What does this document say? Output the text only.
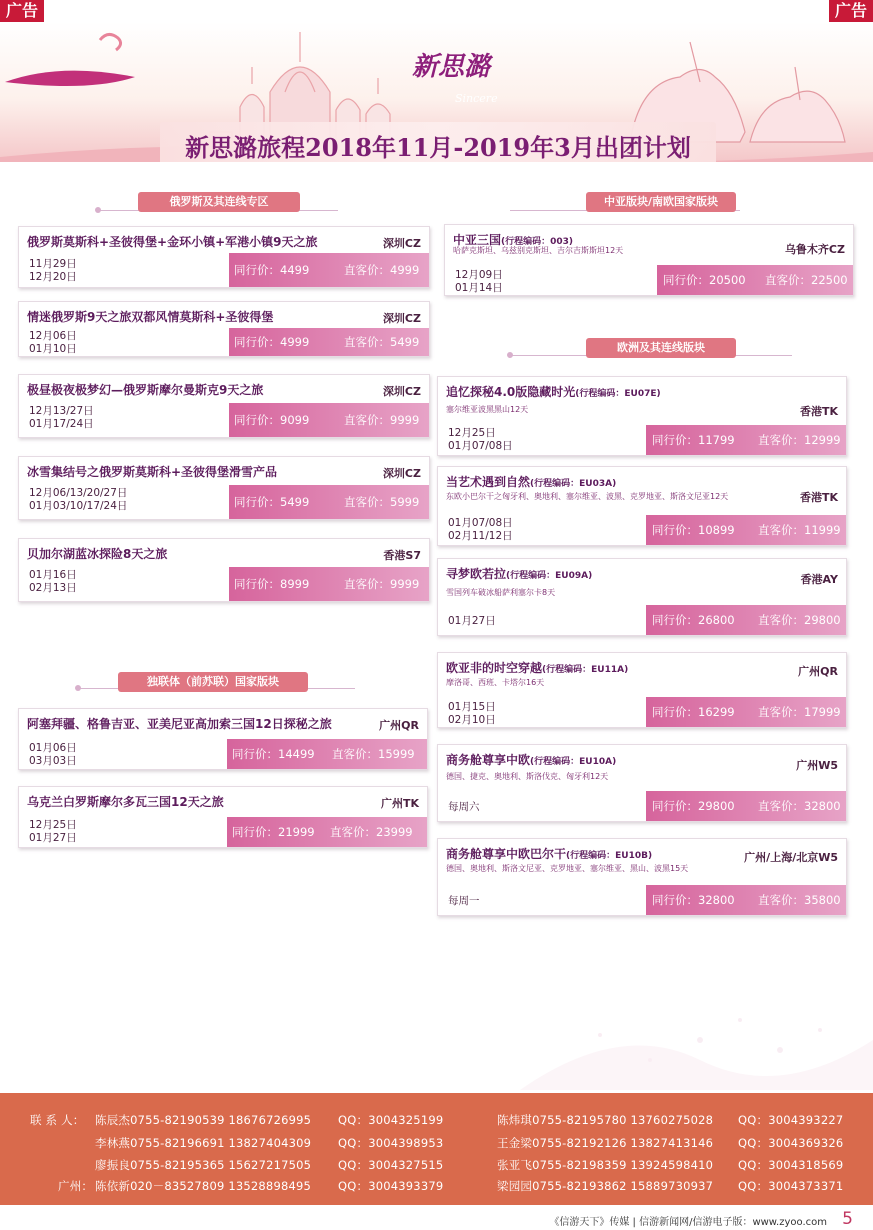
广告	广告
新思潞
Sincere
新思潞旅程2018年11月-2019年3月出团计划
俄罗斯及其连线专区	中亚版块/南欧国家版块
欧洲及其连线版块
独联体（前苏联）国家版块
俄罗斯莫斯科+圣彼得堡+金环小镇+军港小镇9天之旅	深圳CZ
11月29日
12月20日	同行价：4499	直客价：4999
情迷俄罗斯9天之旅双都风情莫斯科+圣彼得堡	深圳CZ
12月06日
01月10日	同行价：4999	直客价：5499
极昼极夜极梦幻—俄罗斯摩尔曼斯克9天之旅	深圳CZ
12月13/27日
01月17/24日	同行价：9099	直客价：9999
冰雪集结号之俄罗斯莫斯科+圣彼得堡滑雪产品	深圳CZ
12月06/13/20/27日
01月03/10/17/24日	同行价：5499	直客价：5999
贝加尔湖蓝冰探险8天之旅	香港S7
01月16日
02月13日	同行价：8999	直客价：9999
阿塞拜疆、格鲁吉亚、亚美尼亚高加索三国12日探秘之旅	广州QR
01月06日
03月03日	同行价：14499 直客价：15999
乌克兰白罗斯摩尔多瓦三国12天之旅	广州TK
12月25日
01月27日	同行价：21999 直客价：23999
中亚三国(行程编码：003)
哈萨克斯坦、乌兹别克斯坦、吉尔吉斯斯坦12天	乌鲁木齐CZ
12月09日
01月14日
同行价：20500 直客价：22500
追忆探秘4.0版隐藏时光(行程编码：EU07E)
塞尔维亚波黑黑山12天	香港TK
12月25日
01月07/08日	同行价：11799 直客价：12999
当艺术遇到自然(行程编码：EU03A)
东欧小巴尔干之匈牙利、奥地利、塞尔维亚、波黑、克罗地亚、斯洛文尼亚12天	香港TK
01月07/08日
02月11/12日	同行价：10899 直客价：11999
寻梦欧若拉(行程编码：EU09A)
雪国列车破冰船萨利塞尔卡8天
香港AY
01月27日	同行价：26800 直客价：29800
欧亚非的时空穿越(行程编码：EU11A)
摩洛哥、西班、卡塔尔16天
广州QR
01月15日
02月10日
同行价：16299 直客价：17999
商务舱尊享中欧(行程编码：EU10A)
德国、捷克、奥地利、斯洛伐克、匈牙利12天
广州W5
每周六	同行价：29800 直客价：32800
商务舱尊享中欧巴尔干(行程编码：EU10B)
德国、奥地利、斯洛文尼亚、克罗地亚、塞尔维亚、黑山、波黑15天
广州/上海/北京W5
每周一	同行价：32800 直客价：35800
联 系 人： 陈辰杰0755-82190539 18676726995 QQ：3004325199	陈炜琪0755-82195780 13760275028 QQ：3004393227
李林燕0755-82196691 13827404309 QQ：3004398953	王金梁0755-82192126 13827413146 QQ：3004369326
廖振良0755-82195365 15627217505 QQ：3004327515	张亚飞0755-82198359 13924598410 QQ：3004318569
广州： 陈依新020－83527809 13528898495 QQ：3004393379	梁园园0755-82193862 15889730937 QQ：3004373371
《信游天下》传媒 | 信游新闻网/信游电子版：www.zyoo.com 5
